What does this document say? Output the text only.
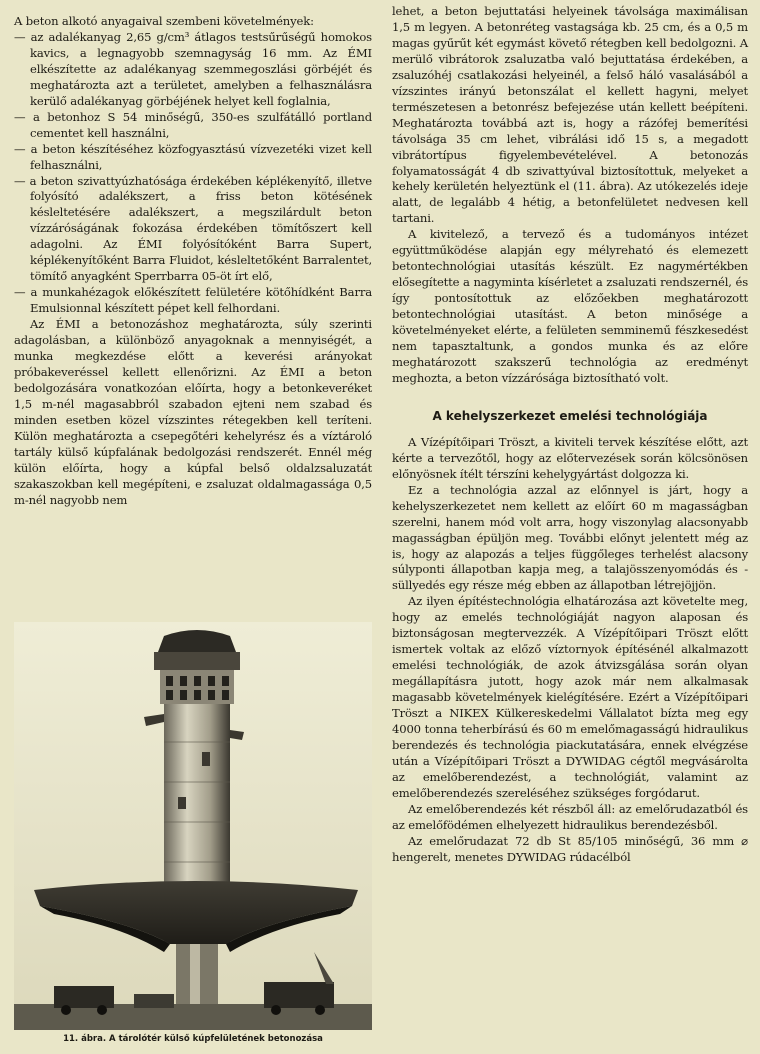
A beton alkotó anyagaival szembeni követelmények:

— az adalékanyag 2,65 g/cm³ átlagos testsűrűségű homokos kavics, a legnagyobb szemnagyság 16 mm. Az ÉMI elkészítette az adalékanyag szemmegoszlási görbéjét és meghatározta azt a területet, amelyben a felhasználásra kerülő adalékanyag görbéjének helyet kell foglalnia,

— a betonhoz S 54 minőségű, 350-es szulfátálló portland cementet kell használni,

— a beton készítéséhez közfogyasztású vízvezetéki vizet kell felhasználni,

— a beton szivattyúzhatósága érdekében képlékenyítő, illetve folyósító adalékszert, a friss beton kötésének késleltetésére adalékszert, a megszilárdult beton vízzáróságának fokozása érdekében tömítőszert kell adagolni. Az ÉMI folyósítóként Barra Supert, képlékenyítőként Barra Fluidot, késleltetőként Barralentet, tömítő anyagként Sperrbarra 05-öt írt elő,

— a munkahézagok előkészített felületére kötőhídként Barra Emulsionnal készített pépet kell felhordani.

Az ÉMI a betonozáshoz meghatározta, súly szerinti adagolásban, a különböző anyagoknak a mennyiségét, a munka megkezdése előtt a keverési arányokat próbakeveréssel kellett ellenőrizni. Az ÉMI a beton bedolgozására vonatkozóan előírta, hogy a betonkeveréket 1,5 m-nél magasabbról szabadon ejteni nem szabad és minden esetben közel vízszintes rétegekben kell teríteni. Külön meghatározta a csepegőtéri kehelyrész és a víztároló tartály külső kúpfalának bedolgozási rendszerét. Ennél még külön előírta, hogy a kúpfal belső oldalzsaluzatát szakaszokban kell megépíteni, e zsaluzat oldalmagassága 0,5 m-nél nagyobb nem

11. ábra. A tárolótér külső kúpfelületének betonozása

lehet, a beton bejuttatási helyeinek távolsága maximálisan 1,5 m legyen. A betonréteg vastagsága kb. 25 cm, és a 0,5 m magas gyűrűt két egymást követő rétegben kell bedolgozni. A merülő vibrátorok zsaluzatba való bejuttatása érdekében, a zsaluzóhéj csatlakozási helyeinél, a felső háló vasalásából a vízszintes irányú betonszálat el kellett hagyni, melyet természetesen a betonrész befejezése után kellett beépíteni. Meghatározta továbbá azt is, hogy a rázófej bemerítési távolsága 35 cm lehet, vibrálási idő 15 s, a megadott vibrátortípus figyelembevételével. A betonozás folyamatosságát 4 db szivattyúval biztosítottuk, melyeket a kehely kerületén helyeztünk el (11. ábra). Az utókezelés ideje alatt, de legalább 4 hétig, a betonfelületet nedvesen kell tartani.

A kivitelező, a tervező és a tudományos intézet együttműködése alapján egy mélyreható és elemezett betontechnológiai utasítás készült. Ez nagymértékben elősegítette a nagyminta kísérletet a zsaluzati rendszernél, és így pontosítottuk az előzőekben meghatározott betontechnológiai utasítást. A beton minősége a követelményeket elérte, a felületen semminemű fészkesedést nem tapasztaltunk, a gondos munka és az előre meghatározott szakszerű technológia az eredményt meghozta, a beton vízzárósága biztosítható volt.

A kehelyszerkezet emelési technológiája

A Vízépítőipari Tröszt, a kiviteli tervek készítése előtt, azt kérte a tervezőtől, hogy az előtervezések során kölcsönösen előnyösnek ítélt térszíni kehelygyártást dolgozza ki.

Ez a technológia azzal az előnnyel is járt, hogy a kehelyszerkezetet nem kellett az előírt 60 m magasságban szerelni, hanem mód volt arra, hogy viszonylag alacsonyabb magasságban épüljön meg. További előnyt jelentett még az is, hogy az alapozás a teljes függőleges terhelést alacsony súlyponti állapotban kapja meg, a talajösszenyomódás és -süllyedés egy része még ebben az állapotban létrejöjjön.

Az ilyen építéstechnológia elhatározása azt követelte meg, hogy az emelés technológiáját nagyon alaposan és biztonságosan megtervezzék. A Vízépítőipari Tröszt előtt ismertek voltak az előző víztornyok építésénél alkalmazott emelési technológiák, de azok átvizsgálása során olyan megállapításra jutott, hogy azok már nem alkalmasak magasabb követelmények kielégítésére. Ezért a Vízépítőipari Tröszt a NIKEX Külkereskedelmi Vállalatot bízta meg egy 4000 tonna teherbírású és 60 m emelőmagasságú hidraulikus berendezés és technológia piackutatására, ennek elvégzése után a Vízépítőipari Tröszt a DYWIDAG cégtől megvásárolta az emelőberendezést, a technológiát, valamint az emelőberendezés szereléséhez szükséges forgódarut.

Az emelőberendezés két részből áll: az emelőrudazatból és az emelőfödémen elhelyezett hidraulikus berendezésből.

Az emelőrudazat 72 db St 85/105 minőségű, 36 mm ⌀ hengerelt, menetes DYWIDAG rúdacélból
